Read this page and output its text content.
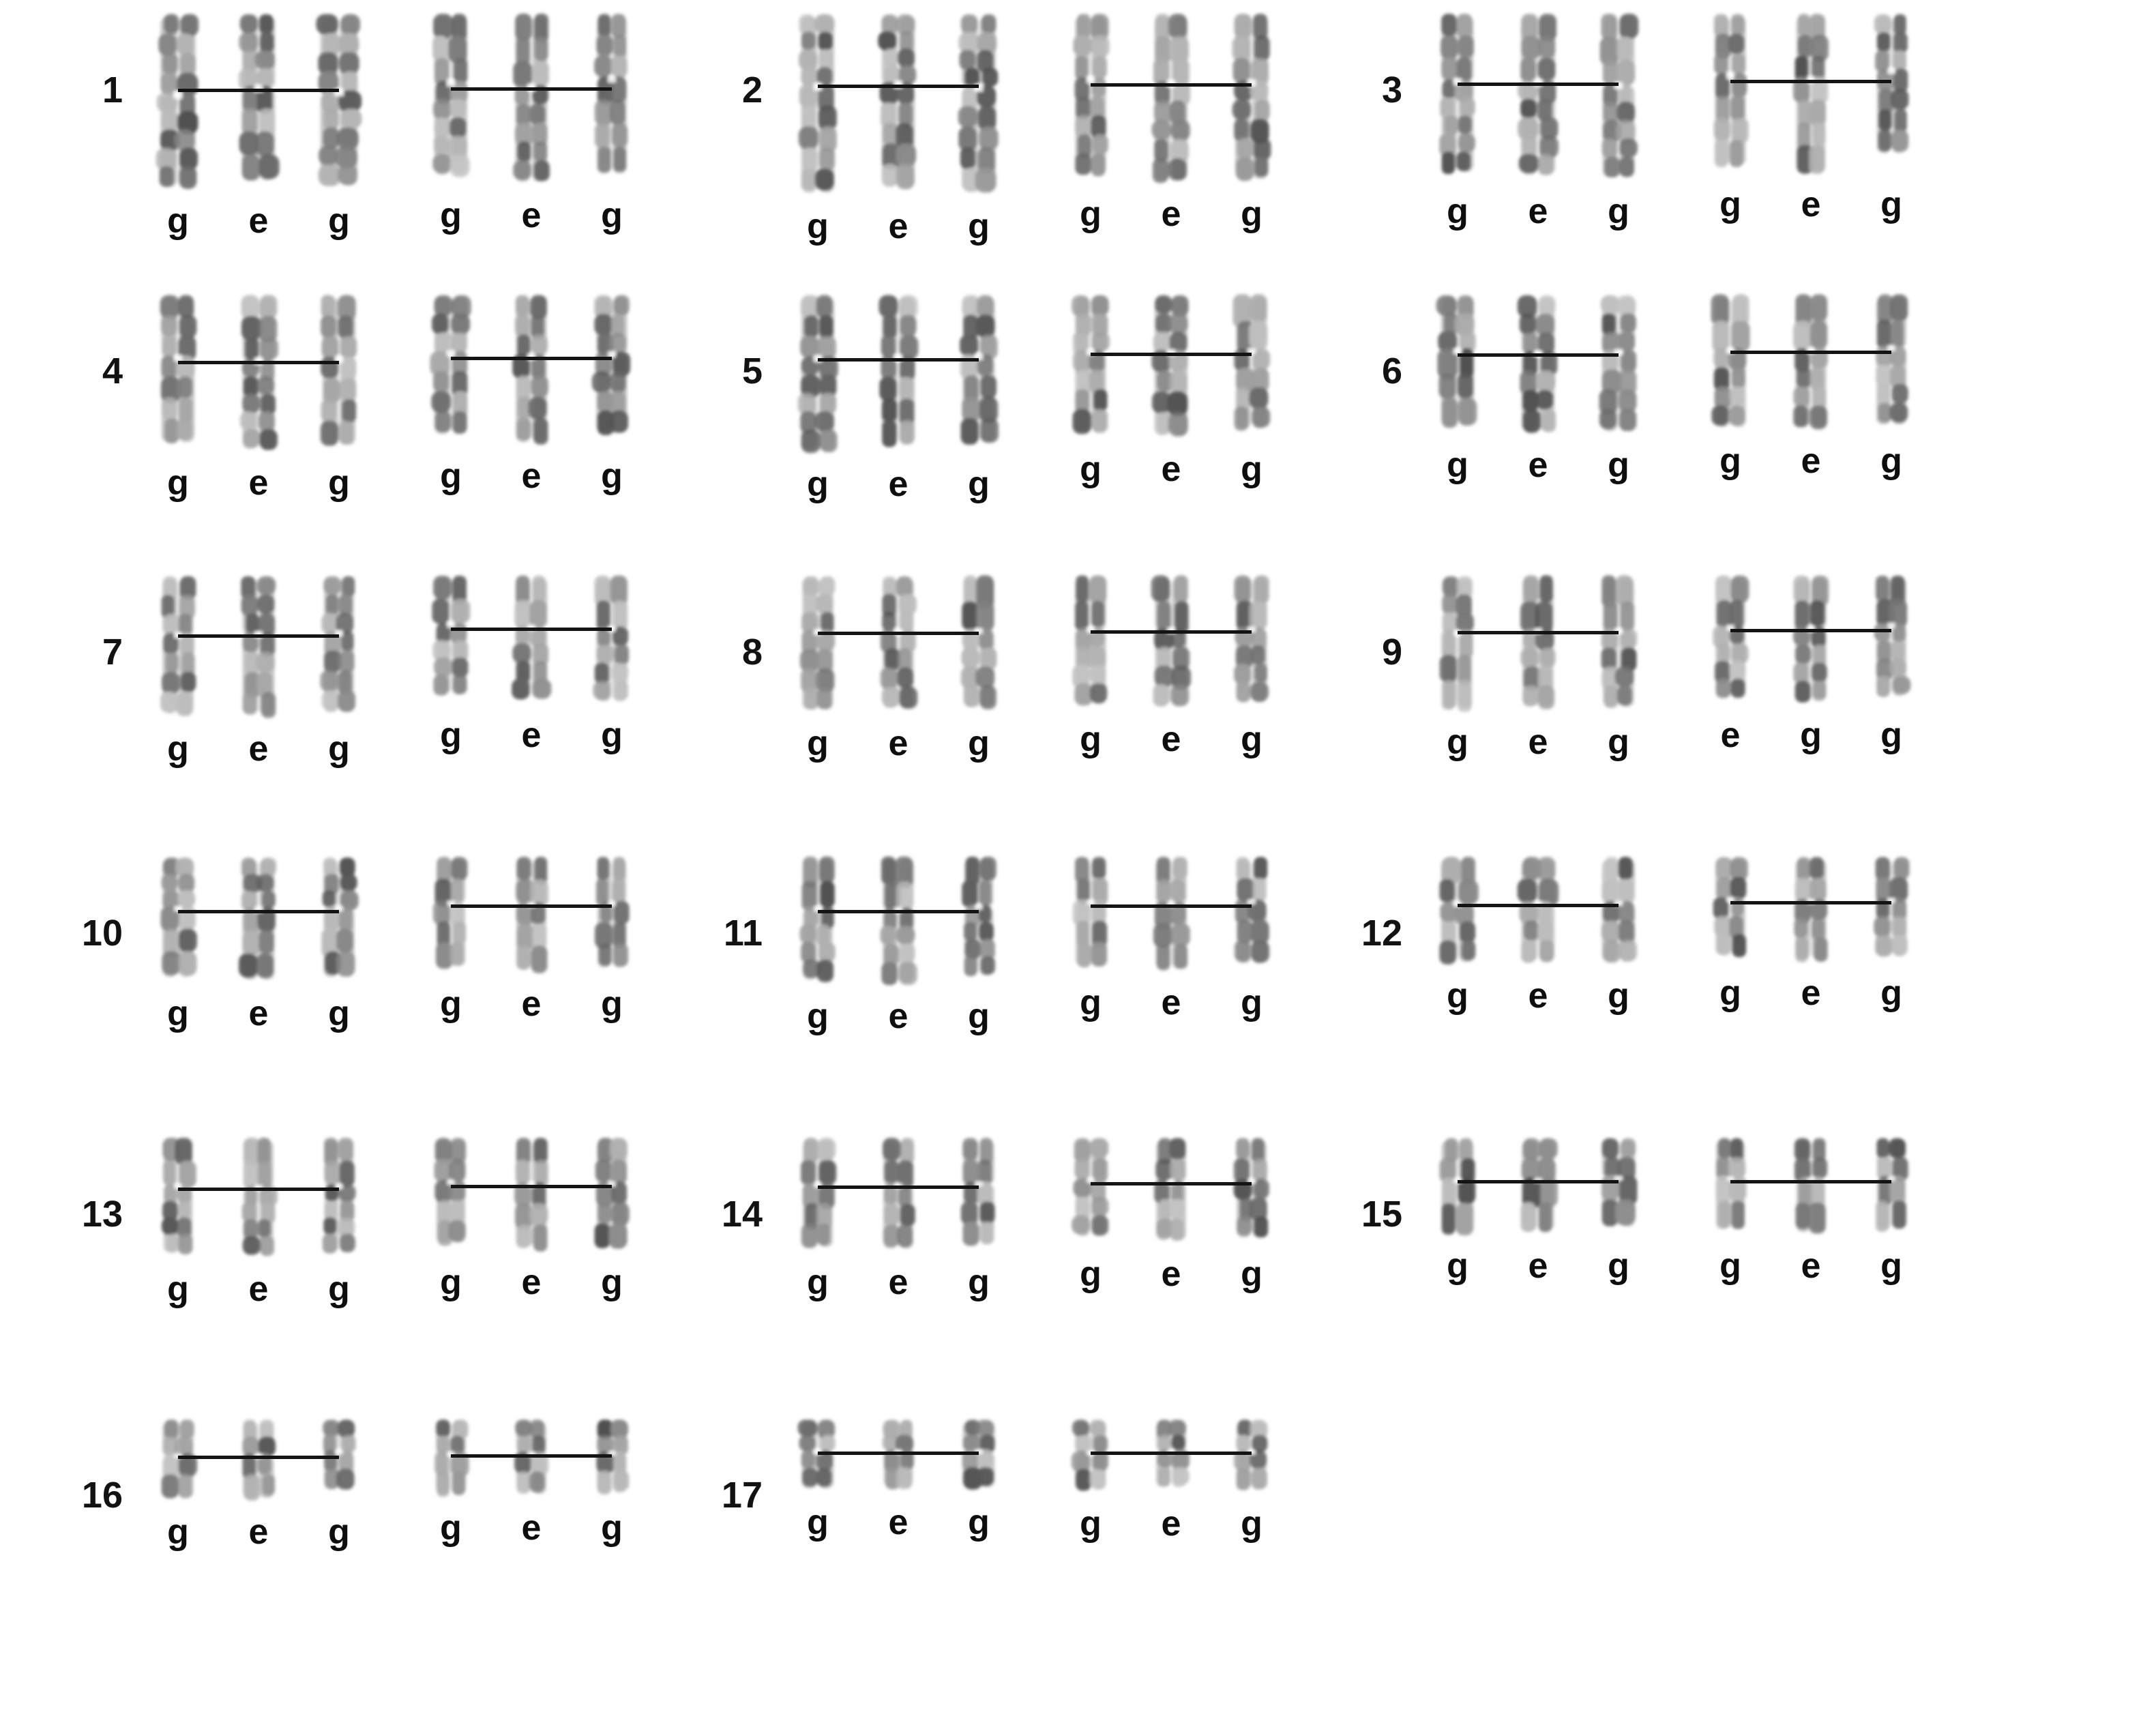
1
g e g	g e g
2
g e g	g e g
3
g e g	g e g
4
g e g	g e g
5
g e g	g e g
6
g e g	g e g
7
g e g	g e g
8
g e g	g e g
9
g e g	e g g
10
g e g	g e g
11
g e g	g e g
12
g e g	g e g
13
g e g	g e g
14
g e g	g e g
15
g e g	g e g
16
g e g	g e g
17
g e g	g e g
